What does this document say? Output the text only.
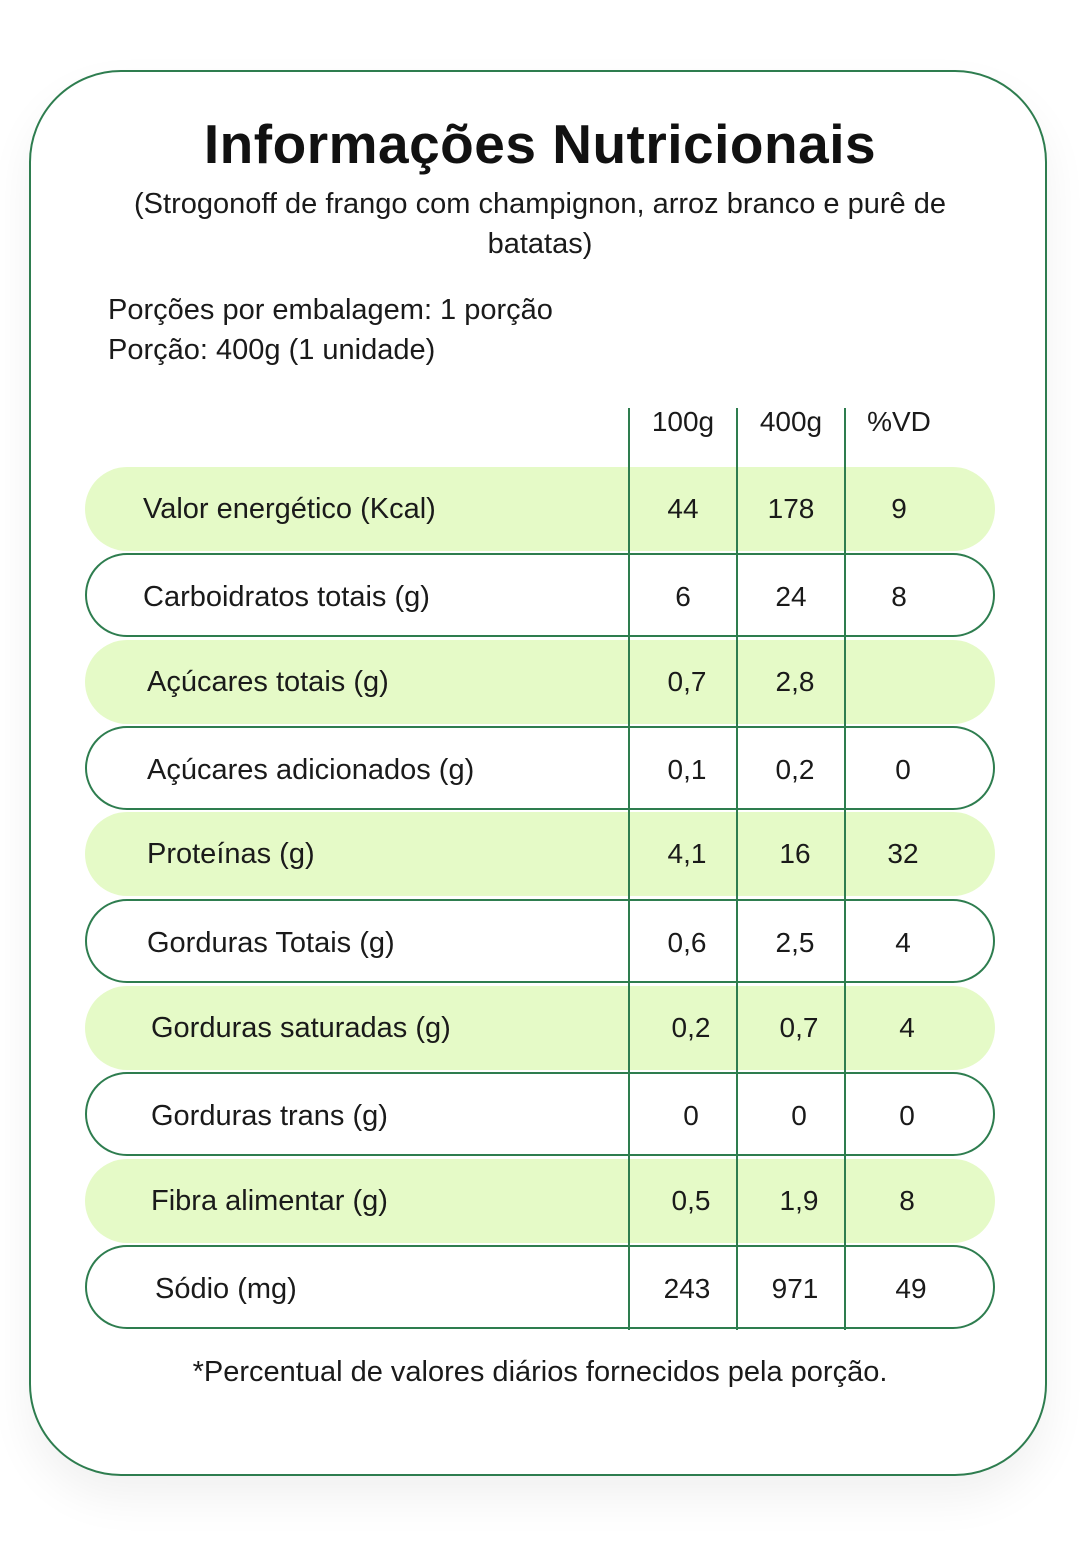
Informações Nutricionais
(Strogonoff de frango com champignon, arroz branco e purê de batatas)
Porções por embalagem: 1 porção
Porção: 400g (1 unidade)
100g	400g	%VD
Valor energético (Kcal)	44	178	9
Carboidratos totais (g)	6	24	8
Açúcares totais (g)	0,7	2,8
Açúcares adicionados (g)	0,1	0,2	0
Proteínas (g)	4,1	16	32
Gorduras Totais (g)	0,6	2,5	4
Gorduras saturadas (g)	0,2	0,7	4
Gorduras trans (g)	0	0	0
Fibra alimentar (g)	0,5	1,9	8
Sódio (mg)	243	971	49
*Percentual de valores diários fornecidos pela porção.
